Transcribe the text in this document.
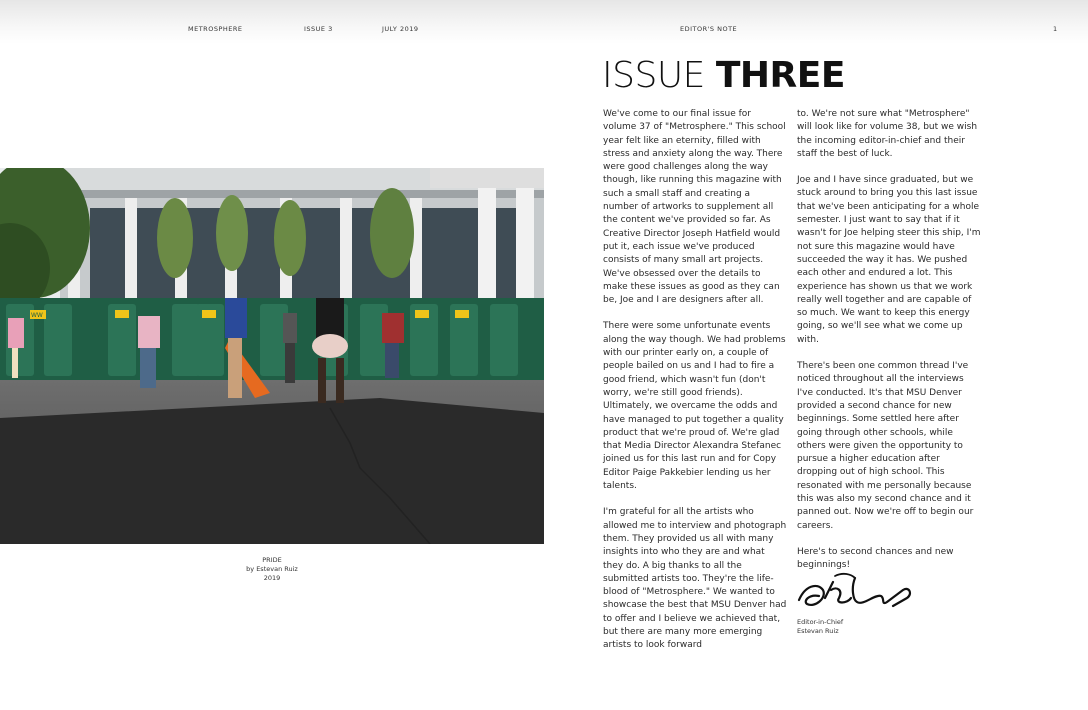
METROSPHERE	ISSUE 3	JULY 2019	EDITOR'S NOTE	1
WW
PRIDE
by Estevan Ruiz
2019
ISSUE THREE

We've come to our final issue for volume 37 of "Metrosphere." This school year felt like an eternity, filled with stress and anxiety along the way. There were good challenges along the way though, like running this magazine with such a small staff and creating a number of artworks to supplement all the content we've provided so far. As Creative Director Joseph Hatfield would put it, each issue we've produced consists of many small art projects. We've obsessed over the details to make these issues as good as they can be, Joe and I are designers after all.

There were some unfortunate events along the way though. We had problems with our printer early on, a couple of people bailed on us and I had to fire a good friend, which wasn't fun (don't worry, we're still good friends). Ultimately, we overcame the odds and have managed to put together a quality product that we're proud of. We're glad that Media Director Alexandra Stefanec joined us for this last run and for Copy Editor Paige Pakkebier lending us her talents.

I'm grateful for all the artists who allowed me to interview and photograph them. They provided us all with many insights into who they are and what they do. A big thanks to all the submitted artists too. They're the life-blood of "Metrosphere." We wanted to showcase the best that MSU Denver had to offer and I believe we achieved that, but there are many more emerging artists to look forward

to. We're not sure what "Metrosphere" will look like for volume 38, but we wish the incoming editor-in-chief and their staff the best of luck.

Joe and I have since graduated, but we stuck around to bring you this last issue that we've been anticipating for a whole semester. I just want to say that if it wasn't for Joe helping steer this ship, I'm not sure this magazine would have succeeded the way it has. We pushed each other and endured a lot. This experience has shown us that we work really well together and are capable of so much. We want to keep this energy going, so we'll see what we come up with.

There's been one common thread I've noticed throughout all the interviews I've conducted. It's that MSU Denver provided a second chance for new beginnings. Some settled here after going through other schools, while others were given the opportunity to pursue a higher education after dropping out of high school. This resonated with me personally because this was also my second chance and it panned out. Now we're off to begin our careers.

Here's to second chances and new beginnings!

Editor-in-Chief
Estevan Ruiz
